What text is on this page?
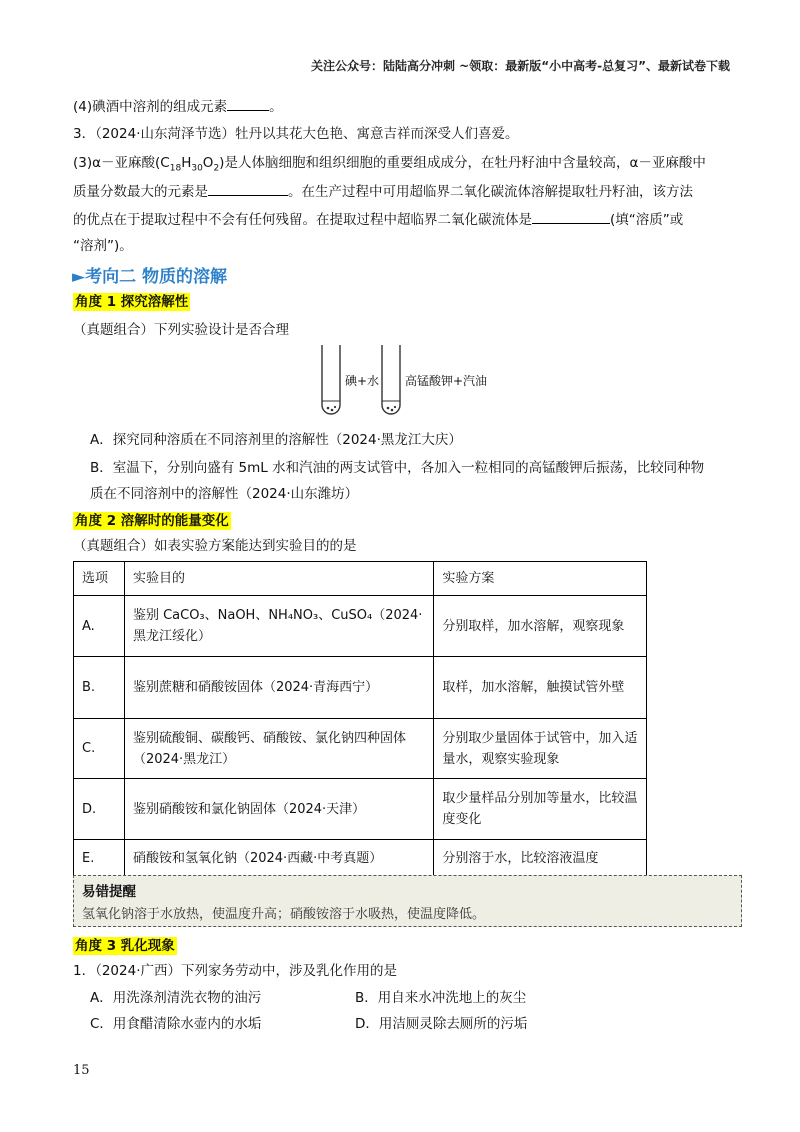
关注公众号：陆陆高分冲刺 ~领取：最新版“小中高考-总复习”、最新试卷下载
(4)碘酒中溶剂的组成元素	。
3．（2024·山东菏泽节选）牡丹以其花大色艳、寓意吉祥而深受人们喜爱。
(3)α－亚麻酸$(C_{18}H_{30}O_2)$是人体脑细胞和组织细胞的重要组成成分，在牡丹籽油中含量较高，α－亚麻酸中
质量分数最大的元素是	。在生产过程中可用超临界二氧化碳流体溶解提取牡丹籽油，该方法
的优点在于提取过程中不会有任何残留。在提取过程中超临界二氧化碳流体是	(填“溶质”或
“溶剂”)。
►考向二 物质的溶解
角度 1 探究溶解性
（真题组合）下列实验设计是否合理
碘+水 高锰酸钾+汽油
A．探究同种溶质在不同溶剂里的溶解性（2024·黑龙江大庆）
B．室温下，分别向盛有 5mL 水和汽油的两支试管中，各加入一粒相同的高锰酸钾后振荡，比较同种物
质在不同溶剂中的溶解性（2024·山东潍坊）
角度 2 溶解时的能量变化
（真题组合）如表实验方案能达到实验目的的是
选项	实验目的	实验方案
A.	鉴别 CaCO₃、NaOH、NH₄NO₃、CuSO₄（2024·黑龙江绥化）	分别取样，加水溶解，观察现象
B.	鉴别蔗糖和硝酸铵固体（2024·青海西宁）	取样，加水溶解，触摸试管外壁
C.	鉴别硫酸铜、碳酸钙、硝酸铵、氯化钠四种固体（2024·黑龙江）	分别取少量固体于试管中，加入适量水，观察实验现象
D.	鉴别硝酸铵和氯化钠固体（2024·天津）	取少量样品分别加等量水，比较温度变化
E.	硝酸铵和氢氧化钠（2024·西藏·中考真题）	分别溶于水，比较溶液温度
易错提醒
氢氧化钠溶于水放热，使温度升高；硝酸铵溶于水吸热，使温度降低。
角度 3 乳化现象
1．（2024·广西）下列家务劳动中，涉及乳化作用的是
A．用洗涤剂清洗衣物的油污	B．用自来水冲洗地上的灰尘
C．用食醋清除水壶内的水垢	D．用洁厕灵除去厕所的污垢
15
